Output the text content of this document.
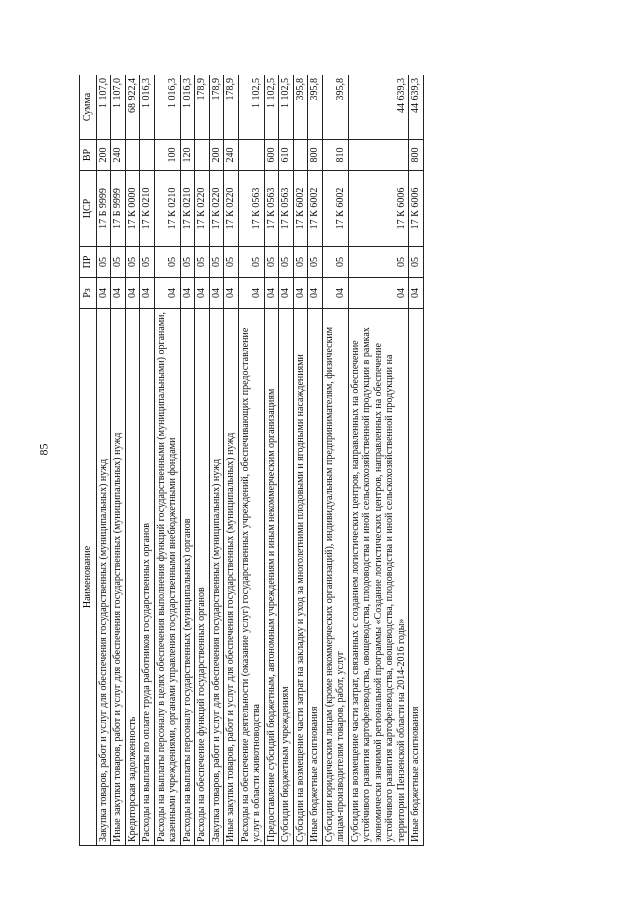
85
Наименование	Рз	ПР	ЦСР	ВР	Сумма
Закупка товаров, работ и услуг для обеспечения государственных (муниципальных) нужд	04	05	17 Б 9999	200	1 107,0
Иные закупки товаров, работ и услуг для обеспечения государственных (муниципальных) нужд	04	05	17 Б 9999	240	1 107,0
Кредиторская задолженность	04	05	17 К 0000		68 922,4
Расходы на выплаты по оплате труда работников государственных органов	04	05	17 К 0210		1 016,3
Расходы на выплаты персоналу в целях обеспечения выполнения функций государственными (муниципальными) органами, казенными учреждениями, органами управления государственными внебюджетными фондами	04	05	17 К 0210	100	1 016,3
Расходы на выплаты персоналу государственных (муниципальных) органов	04	05	17 К 0210	120	1 016,3
Расходы на обеспечение функций государственных органов	04	05	17 К 0220		178,9
Закупка товаров, работ и услуг для обеспечения государственных (муниципальных) нужд	04	05	17 К 0220	200	178,9
Иные закупки товаров, работ и услуг для обеспечения государственных (муниципальных) нужд	04	05	17 К 0220	240	178,9
Расходы на обеспечение деятельности (оказание услуг) государственных учреждений, обеспечивающих предоставление услуг в области животноводства	04	05	17 К 0563		1 102,5
Предоставление субсидий бюджетным, автономным учреждениям и иным некоммерческим организациям	04	05	17 К 0563	600	1 102,5
Субсидии бюджетным учреждениям	04	05	17 К 0563	610	1 102,5
Субсидии на возмещение части затрат на закладку и уход за многолетними плодовыми и ягодными насаждениями	04	05	17 К 6002		395,8
Иные бюджетные ассигнования	04	05	17 К 6002	800	395,8
Субсидии юридическим лицам (кроме некоммерческих организаций), индивидуальным предпринимателям, физическим лицам-производителям товаров, работ, услуг	04	05	17 К 6002	810	395,8
Субсидии на возмещение части затрат, связанных с созданием логистических центров, направленных на обеспечение устойчивого развития картофелеводства, овощеводства, плодоводства и иной сельскохозяйственной продукции в рамках экономически значимой региональной программы «Создание логистических центров, направленных на обеспечение устойчивого развития картофелеводства, овощеводства, плодоводства и иной сельскохозяйственной продукции на территории Пензенской области на 2014-2016 годы»	04	05	17 К 6006		44 639,3
Иные бюджетные ассигнования	04	05	17 К 6006	800	44 639,3
